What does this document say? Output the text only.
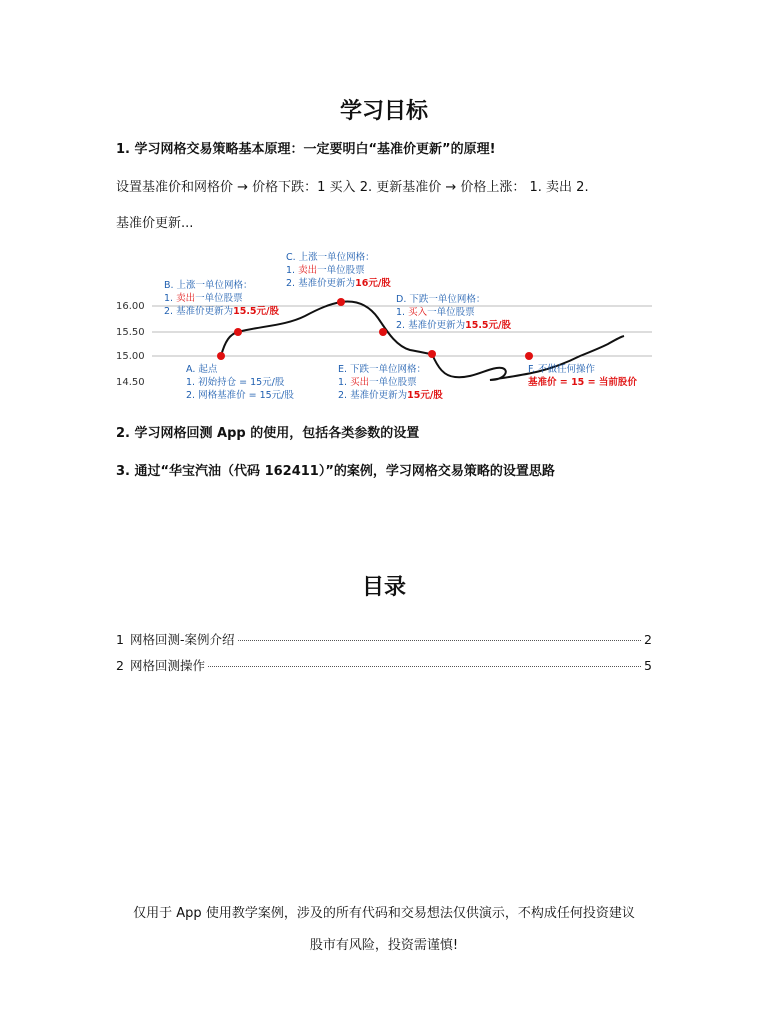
学习目标
1. 学习网格交易策略基本原理：一定要明白“基准价更新”的原理!
设置基准价和网格价 → 价格下跌：1 买入 2. 更新基准价 → 价格上涨： 1. 卖出 2.
基准价更新...
16.00
15.50
15.00
14.50
C. 上涨一单位网格：
1. 卖出一单位股票
2. 基准价更新为16元/股
B. 上涨一单位网格：
1. 卖出一单位股票
2. 基准价更新为15.5元/股
D. 下跌一单位网格：
1. 买入一单位股票
2. 基准价更新为15.5元/股
A. 起点
1. 初始持仓 = 15元/股
2. 网格基准价 = 15元/股
E. 下跌一单位网格：
1. 买出一单位股票
2. 基准价更新为15元/股
F. 不做任何操作
基准价 = 15 = 当前股价
2. 学习网格回测 App 的使用，包括各类参数的设置
3. 通过“华宝汽油（代码 162411）”的案例，学习网格交易策略的设置思路
目录
1 网格回测-案例介绍	2
2 网格回测操作	5
仅用于 App 使用教学案例，涉及的所有代码和交易想法仅供演示，不构成任何投资建议
股市有风险，投资需谨慎!
